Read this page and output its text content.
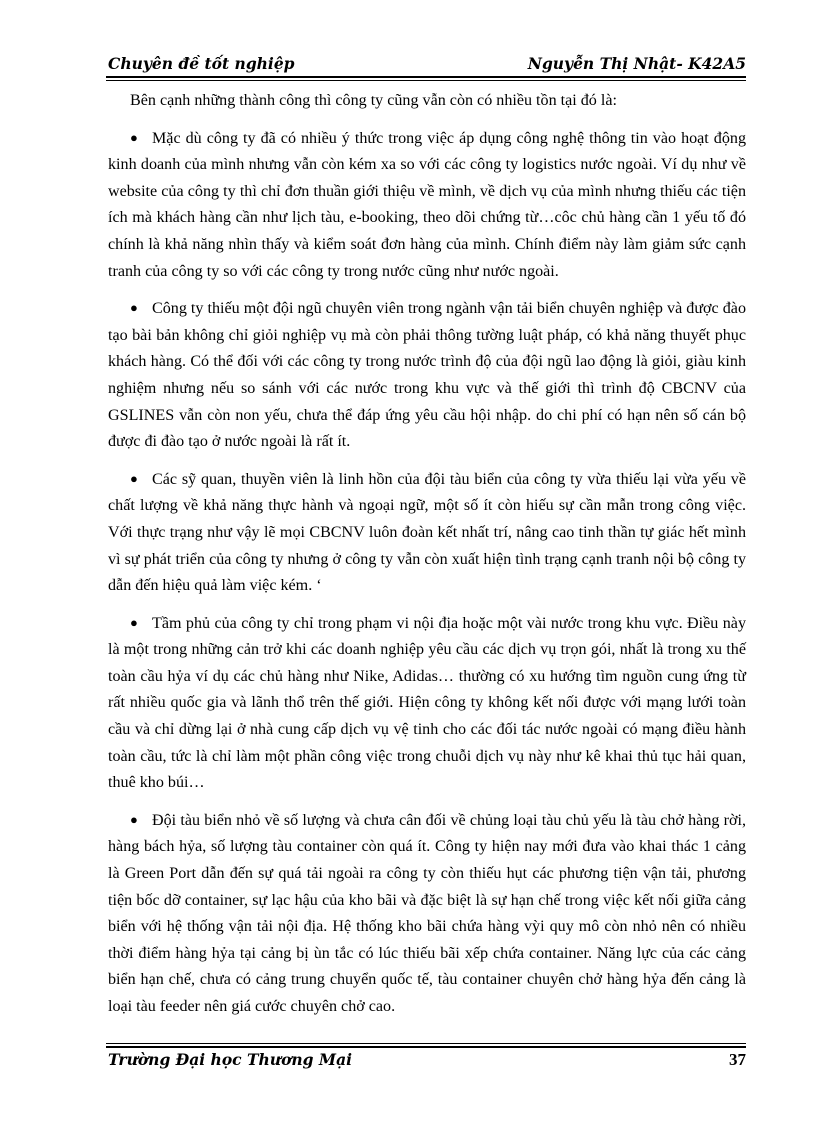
Chuyên đề tốt nghiệp	Nguyễn Thị Nhật- K42A5

Bên cạnh những thành công thì công ty cũng vẫn còn có nhiều tồn tại đó là:

● Mặc dù công ty đã có nhiều ý thức trong việc áp dụng công nghệ thông tin vào hoạt động kinh doanh của mình nhưng vẫn còn kém xa so với các công ty logistics nước ngoài. Ví dụ như về website của công ty thì chỉ đơn thuần giới thiệu về mình, về dịch vụ của mình nhưng thiếu các tiện ích mà khách hàng cần như lịch tàu, e-booking, theo dõi chứng từ…côc chủ hàng cần 1 yếu tố đó chính là khả năng nhìn thấy và kiểm soát đơn hàng của mình. Chính điểm này làm giảm sức cạnh tranh của công ty so với các công ty trong nước cũng như nước ngoài.

● Công ty thiếu một đội ngũ chuyên viên trong ngành vận tải biển chuyên nghiệp và được đào tạo bài bản không chỉ giỏi nghiệp vụ mà còn phải thông tường luật pháp, có khả năng thuyết phục khách hàng. Có thể đối với các công ty trong nước trình độ của đội ngũ lao động là giỏi, giàu kinh nghiệm nhưng nếu so sánh với các nước trong khu vực và thế giới thì trình độ CBCNV của GSLINES vẫn còn non yếu, chưa thể đáp ứng yêu cầu hội nhập. do chi phí có hạn nên số cán bộ được đi đào tạo ở nước ngoài là rất ít.

● Các sỹ quan, thuyền viên là linh hồn của đội tàu biển của công ty vừa thiếu lại vừa yếu về chất lượng về khả năng thực hành và ngoại ngữ, một số ít còn hiếu sự cần mẫn trong công việc. Với thực trạng như vậy lẽ mọi CBCNV luôn đoàn kết nhất trí, nâng cao tinh thần tự giác hết mình vì sự phát triển của công ty nhưng ở công ty vẫn còn xuất hiện tình trạng cạnh tranh nội bộ công ty dẫn đến hiệu quả làm việc kém. ‘

● Tầm phủ của công ty chỉ trong phạm vi nội địa hoặc một vài nước trong khu vực. Điều này là một trong những cản trở khi các doanh nghiệp yêu cầu các dịch vụ trọn gói, nhất là trong xu thế toàn cầu hỷa ví dụ các chủ hàng như Nike, Adidas… thường có xu hướng tìm nguồn cung ứng từ rất nhiều quốc gia và lãnh thổ trên thế giới. Hiện công ty không kết nối được với mạng lưới toàn cầu và chỉ dừng lại ở nhà cung cấp dịch vụ vệ tinh cho các đối tác nước ngoài có mạng điều hành toàn cầu, tức là chỉ làm một phần công việc trong chuỗi dịch vụ này như kê khai thủ tục hải quan, thuê kho búi…

● Đội tàu biển nhỏ về số lượng và chưa cân đối về chủng loại tàu chủ yếu là tàu chở hàng rời, hàng bách hỷa, số lượng tàu container còn quá ít. Công ty hiện nay mới đưa vào khai thác 1 cảng là Green Port dẫn đến sự quá tải ngoài ra công ty còn thiếu hụt các phương tiện vận tải, phương tiện bốc dỡ container, sự lạc hậu của kho bãi và đặc biệt là sự hạn chế trong việc kết nối giữa cảng biển với hệ thống vận tải nội địa. Hệ thống kho bãi chứa hàng vỳi quy mô còn nhỏ nên có nhiều thời điểm hàng hỷa tại cảng bị ùn tắc có lúc thiếu bãi xếp chứa container. Năng lực của các cảng biển hạn chế, chưa có cảng trung chuyển quốc tế, tàu container chuyên chở hàng hỷa đến cảng là loại tàu feeder nên giá cước chuyên chở cao.

Trường Đại học Thương Mại	37
